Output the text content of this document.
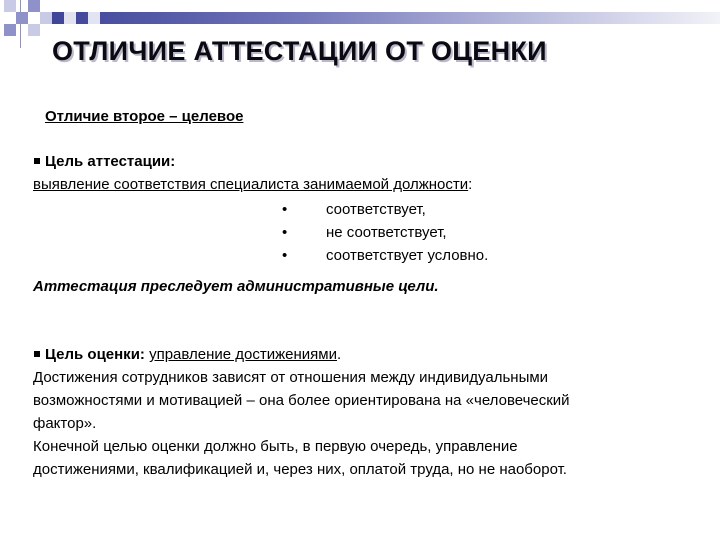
ОТЛИЧИЕ АТТЕСТАЦИИ ОТ ОЦЕНКИ
Отличие второе – целевое
Цель аттестации:
выявление соответствия специалиста занимаемой должности:
•	соответствует,
•	не соответствует,
•	соответствует условно.
Аттестация преследует административные цели.
Цель оценки: управление достижениями.
Достижения сотрудников зависят от отношения между индивидуальными
возможностями и мотивацией – она более ориентирована на «человеческий
фактор».
Конечной целью оценки должно быть, в первую очередь, управление
достижениями, квалификацией и, через них, оплатой труда, но не наоборот.
